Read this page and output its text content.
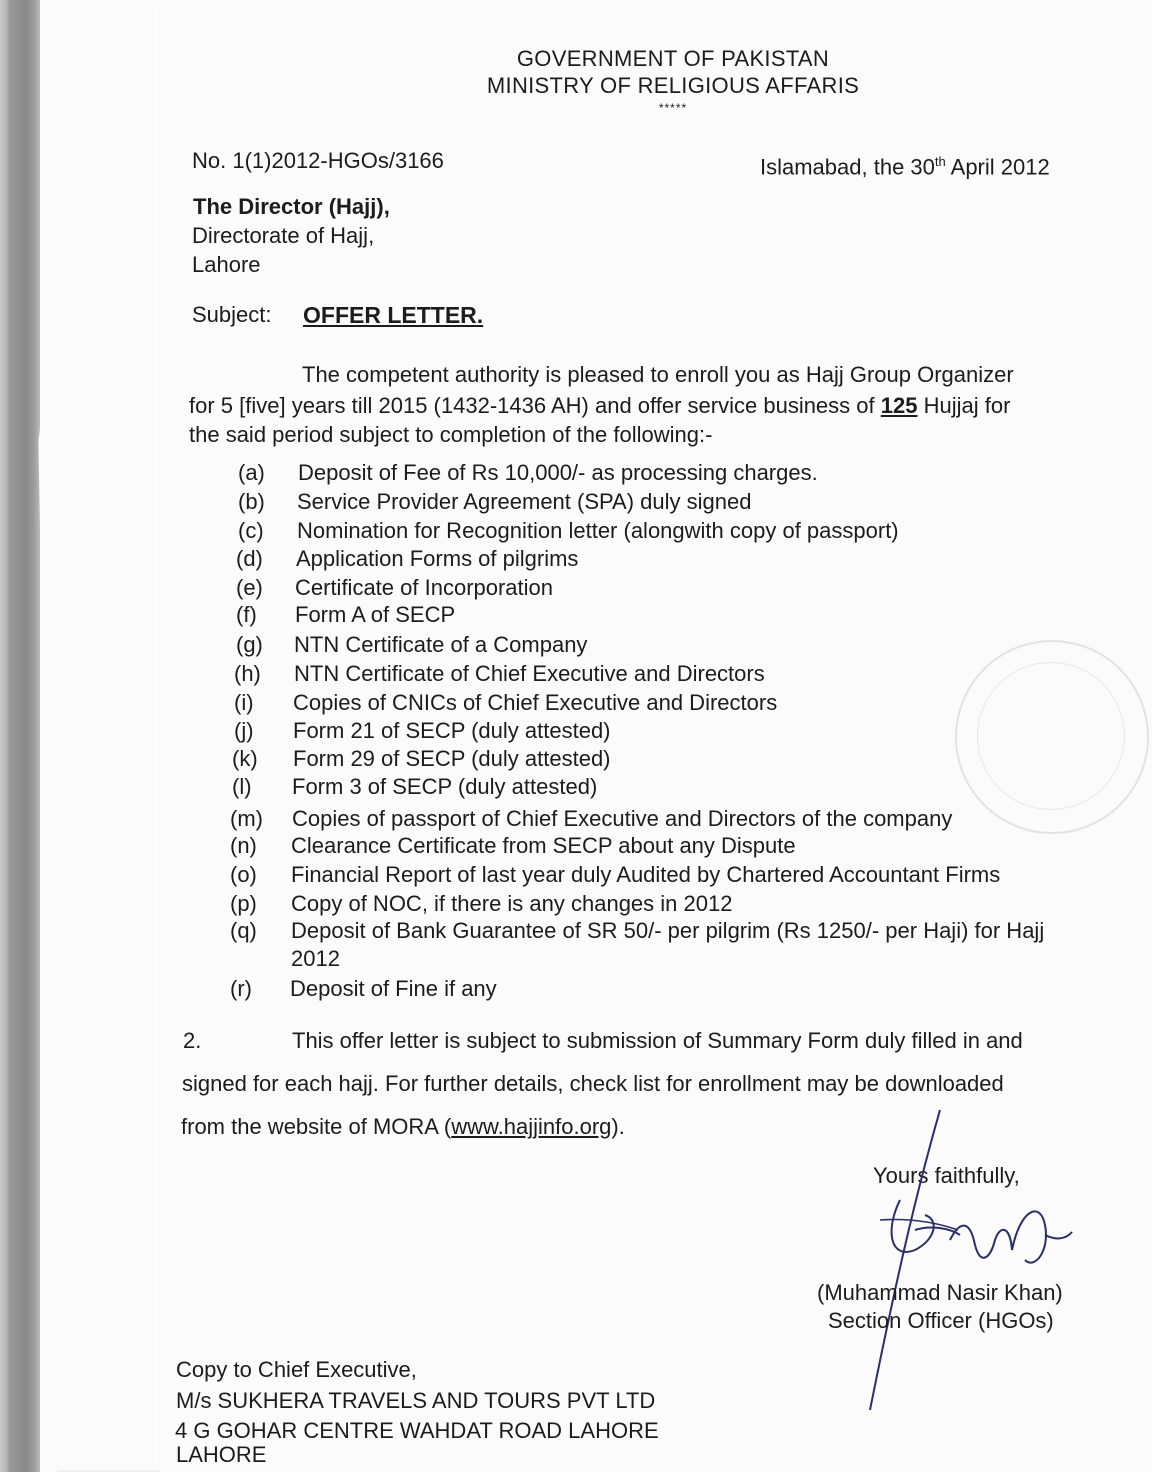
GOVERNMENT OF PAKISTAN
MINISTRY OF RELIGIOUS AFFARIS
*****
No. 1(1)2012-HGOs/3166	Islamabad, the 30th April 2012
The Director (Hajj),
Directorate of Hajj,
Lahore
Subject: OFFER LETTER.
The competent authority is pleased to enroll you as Hajj Group Organizer
for 5 [five] years till 2015 (1432-1436 AH) and offer service business of 125 Hujjaj for
the said period subject to completion of the following:-
(a) Deposit of Fee of Rs 10,000/- as processing charges.
(b) Service Provider Agreement (SPA) duly signed
(c) Nomination for Recognition letter (alongwith copy of passport)
(d) Application Forms of pilgrims
(e) Certificate of Incorporation
(f) Form A of SECP
(g) NTN Certificate of a Company
(h) NTN Certificate of Chief Executive and Directors
(i) Copies of CNICs of Chief Executive and Directors
(j) Form 21 of SECP (duly attested)
(k) Form 29 of SECP (duly attested)
(l) Form 3 of SECP (duly attested)
(m) Copies of passport of Chief Executive and Directors of the company
(n) Clearance Certificate from SECP about any Dispute
(o) Financial Report of last year duly Audited by Chartered Accountant Firms
(p) Copy of NOC, if there is any changes in 2012
(q) Deposit of Bank Guarantee of SR 50/- per pilgrim (Rs 1250/- per Haji) for Hajj
2012
(r) Deposit of Fine if any
2.	This offer letter is subject to submission of Summary Form duly filled in and
signed for each hajj. For further details, check list for enrollment may be downloaded
from the website of MORA (www.hajjinfo.org).
Yours faithfully,
(Muhammad Nasir Khan)
Section Officer (HGOs)
Copy to Chief Executive,
M/s SUKHERA TRAVELS AND TOURS PVT LTD
4 G GOHAR CENTRE WAHDAT ROAD LAHORE
LAHORE
